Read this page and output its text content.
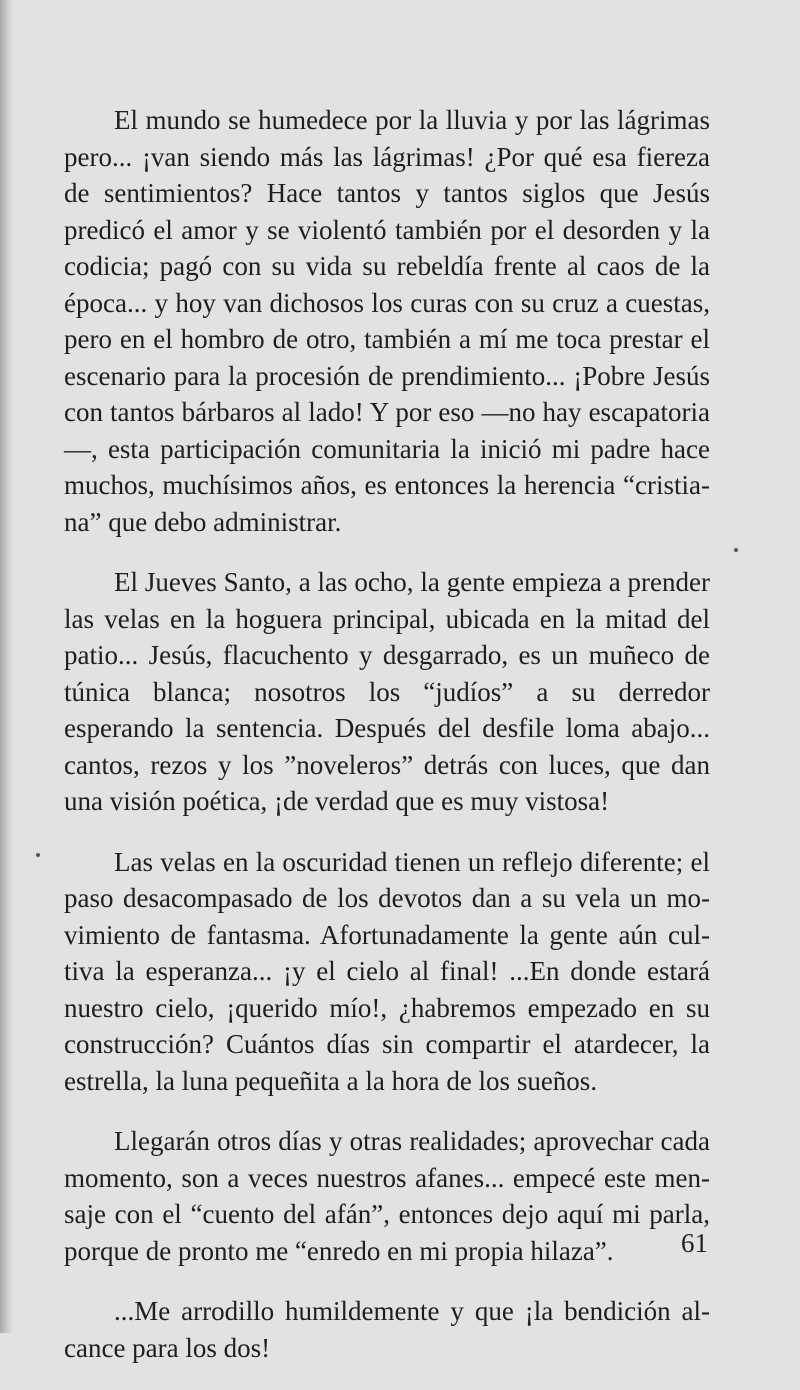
El mundo se humedece por la lluvia y por las lágrimas pero... ¡van siendo más las lágrimas! ¿Por qué esa fiereza de sentimientos? Hace tantos y tantos siglos que Jesús predicó el amor y se violentó también por el desorden y la codicia; pagó con su vida su rebeldía frente al caos de la época... y hoy van dichosos los curas con su cruz a cuestas, pero en el hombro de otro, también a mí me toca prestar el escenario para la procesión de prendimiento... ¡Pobre Jesús con tantos bárbaros al lado! Y por eso —no hay escapatoria—, esta participación comunitaria la inició mi padre hace muchos, muchísimos años, es entonces la herencia “cristiana” que debo administrar.

El Jueves Santo, a las ocho, la gente empieza a prender las velas en la hoguera principal, ubicada en la mitad del patio... Jesús, flacuchento y desgarrado, es un muñeco de túnica blanca; nosotros los “judíos” a su derredor esperando la sentencia. Después del desfile loma abajo... cantos, rezos y los ”noveleros” detrás con luces, que dan una visión poética, ¡de verdad que es muy vistosa!

Las velas en la oscuridad tienen un reflejo diferente; el paso desacompasado de los devotos dan a su vela un movimiento de fantasma. Afortunadamente la gente aún cultiva la esperanza... ¡y el cielo al final! ...En donde estará nuestro cielo, ¡querido mío!, ¿habremos empezado en su construcción? Cuántos días sin compartir el atardecer, la estrella, la luna pequeñita a la hora de los sueños.

Llegarán otros días y otras realidades; aprovechar cada momento, son a veces nuestros afanes... empecé este mensaje con el “cuento del afán”, entonces dejo aquí mi parla, porque de pronto me “enredo en mi propia hilaza”.

...Me arrodillo humildemente y que ¡la bendición alcance para los dos!

61
